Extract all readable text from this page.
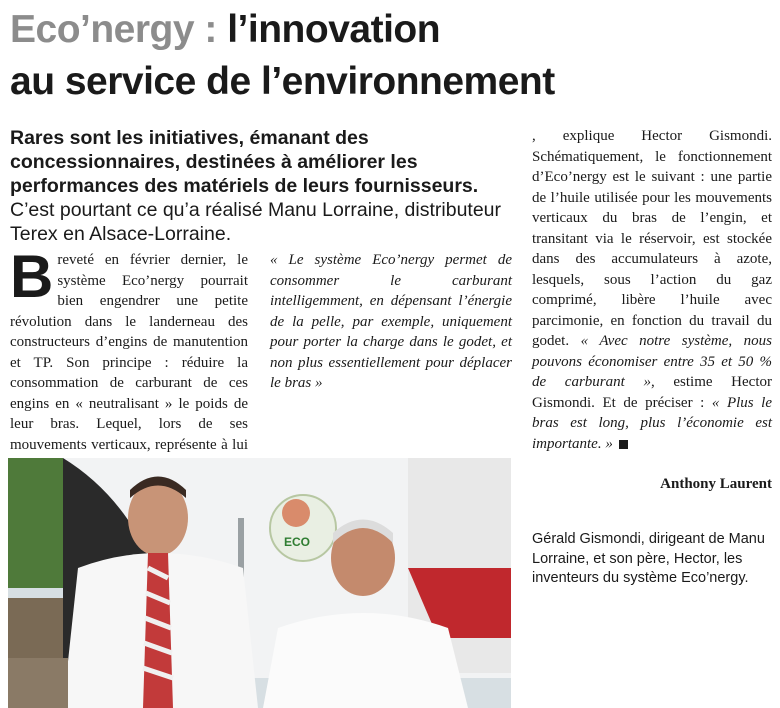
Eco’nergy : l’innovation
au service de l’environnement

Rares sont les initiatives, émanant des concessionnaires, destinées à améliorer les performances des matériels de leurs fournisseurs.

C’est pourtant ce qu’a réalisé Manu Lorraine, distributeur Terex en Alsace-Lorraine.

B reveté en février dernier, le système Eco’nergy pourrait bien engendrer une petite révolution dans le landerneau des constructeurs d’engins de manutention et TP. Son principe : réduire la consommation de carburant de ces engins en « neutralisant » le poids de leur bras. Lequel, lors de ses mouvements verticaux, représente à lui
« Le système Eco’nergy permet de consommer le carburant intelligemment, en dépensant l’énergie de la pelle, par exemple, uniquement pour porter la charge dans le godet, et non plus essentiellement pour déplacer le bras »
, explique Hector Gismondi. Schématiquement, le fonctionnement d’Eco’nergy est le suivant : une partie de l’huile utilisée pour les mouvements verticaux du bras de l’engin, et transitant via le réservoir, est stockée dans des accumulateurs à azote, lesquels, sous l’action du gaz comprimé, libère l’huile avec parcimonie, en fonction du travail du godet. « Avec notre système, nous pouvons économiser entre 35 et 50 % de carburant », estime Hector Gismondi. Et de préciser : « Plus le bras est long, plus l’économie est importante. »

Anthony Laurent

ECO	Gérald Gismondi, dirigeant de Manu Lorraine, et son père, Hector, les inventeurs du système Eco’nergy.
